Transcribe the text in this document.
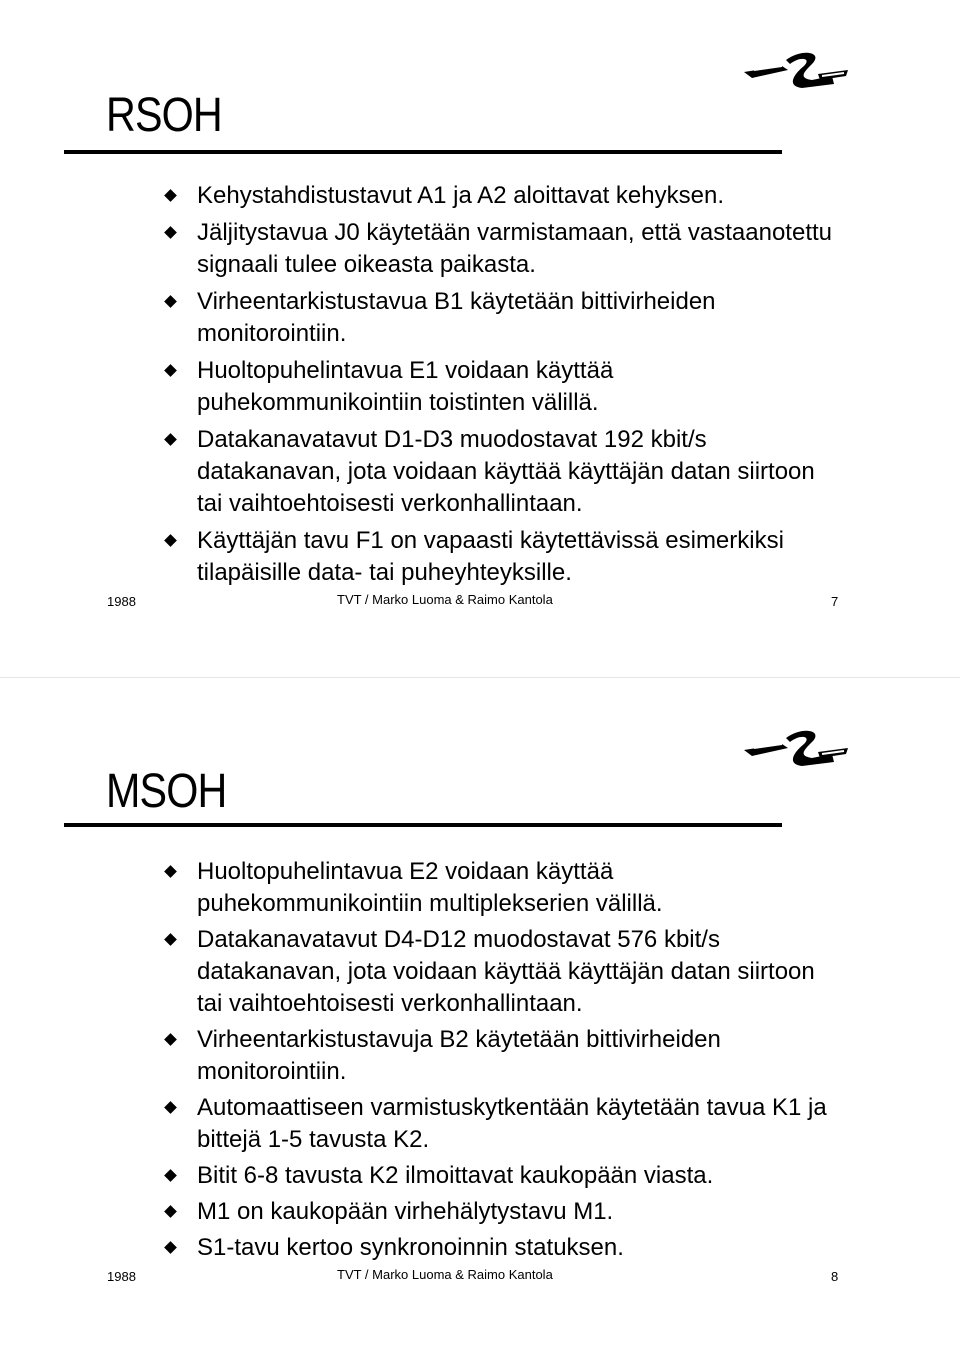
RSOH
Kehystahdistustavut A1 ja A2 aloittavat kehyksen.
Jäljitystavua J0 käytetään varmistamaan, että vastaanotettu signaali tulee oikeasta paikasta.
Virheentarkistustavua B1 käytetään bittivirheiden monitorointiin.
Huoltopuhelintavua E1 voidaan käyttää puhekommunikointiin toistinten välillä.
Datakanavatavut D1-D3 muodostavat 192 kbit/s datakanavan, jota voidaan käyttää käyttäjän datan siirtoon tai vaihtoehtoisesti verkonhallintaan.
Käyttäjän tavu F1 on vapaasti käytettävissä esimerkiksi tilapäisille data- tai puheyhteyksille.
1988	TVT / Marko Luoma & Raimo Kantola	7
MSOH
Huoltopuhelintavua E2 voidaan käyttää puhekommunikointiin multiplekserien välillä.
Datakanavatavut D4-D12 muodostavat 576 kbit/s datakanavan, jota voidaan käyttää käyttäjän datan siirtoon tai vaihtoehtoisesti verkonhallintaan.
Virheentarkistustavuja B2 käytetään bittivirheiden monitorointiin.
Automaattiseen varmistuskytkentään käytetään tavua K1 ja bittejä 1-5 tavusta K2.
Bitit 6-8 tavusta K2 ilmoittavat kaukopään viasta.
M1 on kaukopään virhehälytystavu M1.
S1-tavu kertoo synkronoinnin statuksen.
1988	TVT / Marko Luoma & Raimo Kantola	8
